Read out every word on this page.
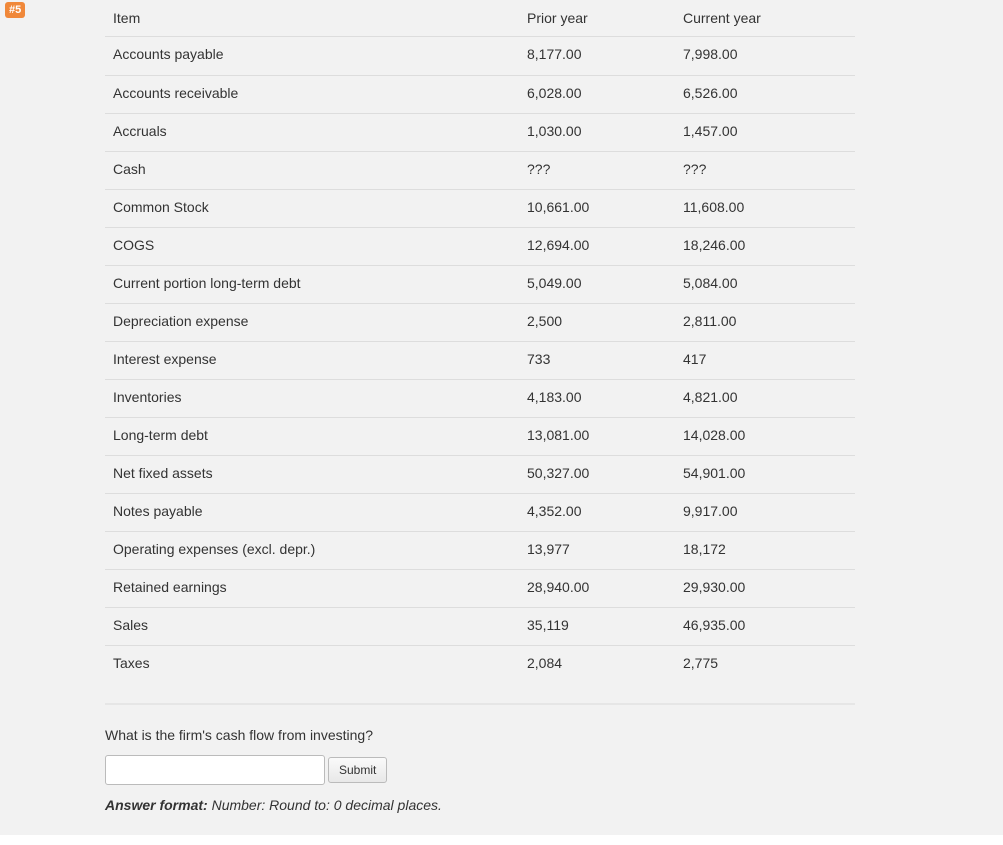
#5	Item	Prior year	Current year
Accounts payable	8,177.00	7,998.00
Accounts receivable	6,028.00	6,526.00
Accruals	1,030.00	1,457.00
Cash	???	???
Common Stock	10,661.00	11,608.00
COGS	12,694.00	18,246.00
Current portion long-term debt	5,049.00	5,084.00
Depreciation expense	2,500	2,811.00
Interest expense	733	417
Inventories	4,183.00	4,821.00
Long-term debt	13,081.00	14,028.00
Net fixed assets	50,327.00	54,901.00
Notes payable	4,352.00	9,917.00
Operating expenses (excl. depr.)	13,977	18,172
Retained earnings	28,940.00	29,930.00
Sales	35,119	46,935.00
Taxes	2,084	2,775
What is the firm's cash flow from investing?
Submit
Answer format: Number: Round to: 0 decimal places.
